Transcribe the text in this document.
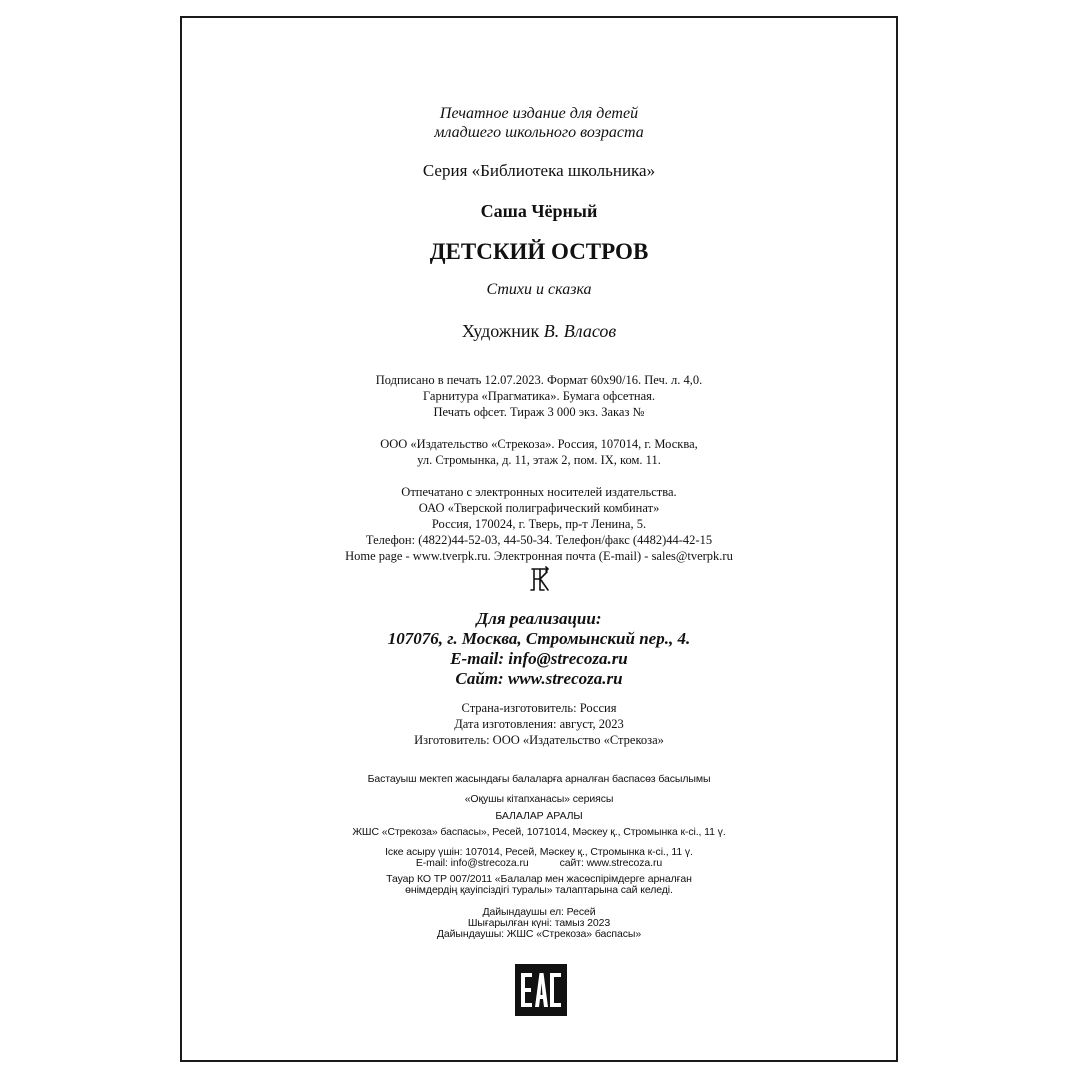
Печатное издание для детей
младшего школьного возраста
Серия «Библиотека школьника»
Саша Чёрный
ДЕТСКИЙ ОСТРОВ
Стихи и сказка
Художник В. Власов
Подписано в печать 12.07.2023. Формат 60х90/16. Печ. л. 4,0.
Гарнитура «Прагматика». Бумага офсетная.
Печать офсет. Тираж 3 000 экз. Заказ №
ООО «Издательство «Стрекоза». Россия, 107014, г. Москва,
ул. Стромынка, д. 11, этаж 2, пом. IX, ком. 11.
Отпечатано с электронных носителей издательства.
ОАО «Тверской полиграфический комбинат»
Россия, 170024, г. Тверь, пр-т Ленина, 5.
Телефон: (4822)44-52-03, 44-50-34. Телефон/факс (4482)44-42-15
Home page - www.tverpk.ru. Электронная почта (E-mail) - sales@tverpk.ru
Для реализации:
107076, г. Москва, Стромынский пер., 4.
E-mail: info@strecoza.ru
Сайт: www.strecoza.ru
Страна-изготовитель: Россия
Дата изготовления: август, 2023
Изготовитель: ООО «Издательство «Стрекоза»
Бастауыш мектеп жасындағы балаларға арналған баспасөз басылымы
«Оқушы кітапханасы» сериясы
БАЛАЛАР АРАЛЫ
ЖШС «Стрекоза» баспасы», Ресей, 1071014, Мәскеу қ., Стромынка к-сі., 11 ү.
Іске асыру үшін: 107014, Ресей, Мәскеу қ., Стромынка к-сі., 11 ү.
E-mail: info@strecoza.ru           сайт: www.strecoza.ru
Тауар КО ТР 007/2011 «Балалар мен жасөспірімдерге арналған
өнімдердің қауіпсіздігі туралы» талаптарына сай келеді.
Дайындаушы ел: Ресей
Шығарылған күні: тамыз 2023
Дайындаушы: ЖШС «Стрекоза» баспасы»
